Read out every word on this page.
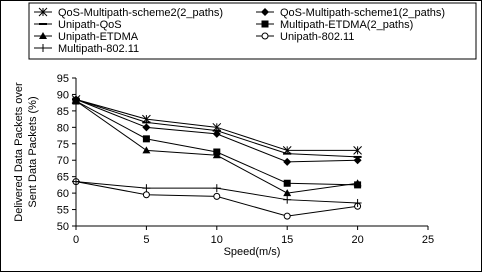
QoS-Multipath-scheme2(2_paths)	QoS-Multipath-scheme1(2_paths)
Unipath-QoS	Multipath-ETDMA(2_paths)
Unipath-ETDMA	Unipath-802.11
Multipath-802.11
50
55
60
65
70
75
80
85
90
95
0	5	10	15	20	25
Speed(m/s)
Delivered Data Packets over Sent Data Packets (%)
